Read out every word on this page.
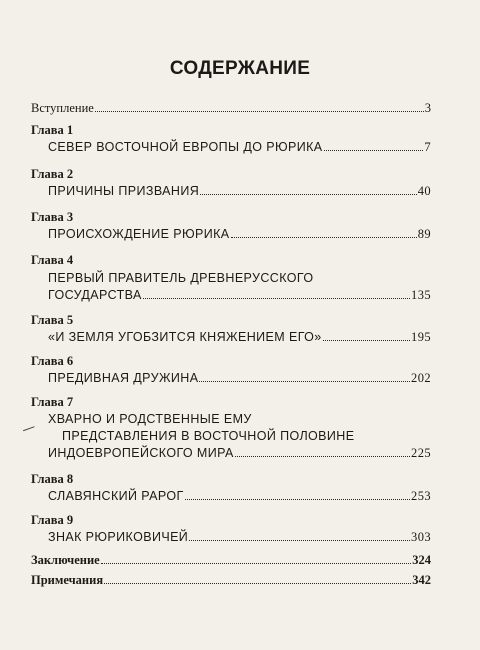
СОДЕРЖАНИЕ
Вступление	3
Глава 1
СЕВЕР ВОСТОЧНОЙ ЕВРОПЫ ДО РЮРИКА	7
Глава 2
ПРИЧИНЫ ПРИЗВАНИЯ	40
Глава 3
ПРОИСХОЖДЕНИЕ РЮРИКА	89
Глава 4
ПЕРВЫЙ ПРАВИТЕЛЬ ДРЕВНЕРУССКОГО
ГОСУДАРСТВА	135
Глава 5
«И ЗЕМЛЯ УГОБЗИТСЯ КНЯЖЕНИЕМ ЕГО»	195
Глава 6
ПРЕДИВНАЯ ДРУЖИНА	202
Глава 7
ХВАРНО И РОДСТВЕННЫЕ ЕМУ
ПРЕДСТАВЛЕНИЯ В ВОСТОЧНОЙ ПОЛОВИНЕ
ИНДОЕВРОПЕЙСКОГО МИРА	225
Глава 8
СЛАВЯНСКИЙ РАРОГ	253
Глава 9
ЗНАК РЮРИКОВИЧЕЙ	303
Заключение	324
Примечания	342
